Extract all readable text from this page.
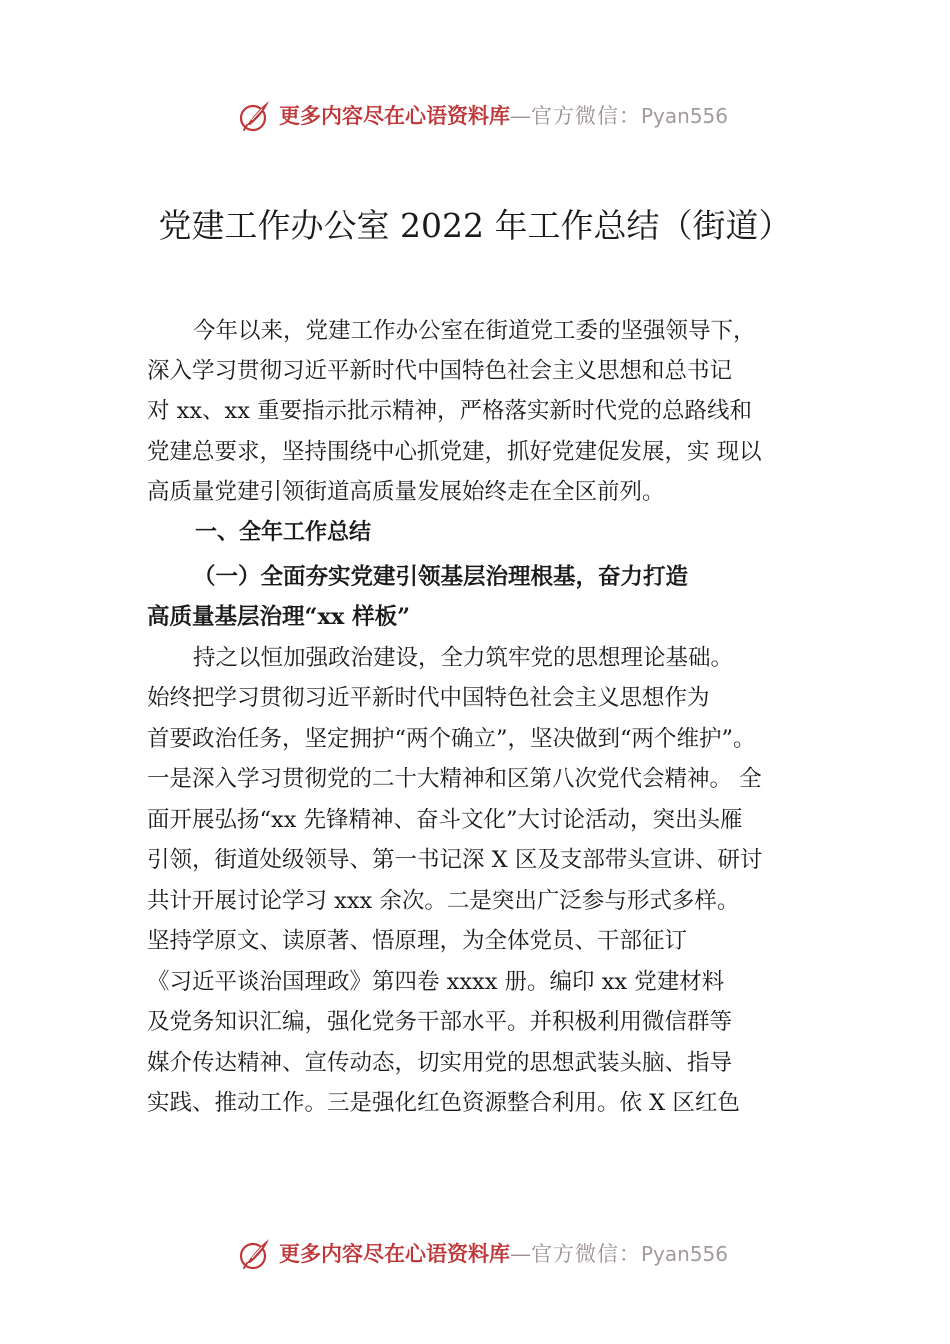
更多内容尽在心语资料库—官方微信：Pyan556
党建工作办公室 2022 年工作总结（街道）
今年以来，党建工作办公室在街道党工委的坚强领导下，
深入学习贯彻习近平新时代中国特色社会主义思想和总书记
对 xx、xx 重要指示批示精神，严格落实新时代党的总路线和
党建总要求，坚持围绕中心抓党建，抓好党建促发展，实 现以
高质量党建引领街道高质量发展始终走在全区前列。
一、全年工作总结
（一）全面夯实党建引领基层治理根基，奋力打造
高质量基层治理“xx 样板”
持之以恒加强政治建设，全力筑牢党的思想理论基础。
始终把学习贯彻习近平新时代中国特色社会主义思想作为
首要政治任务，坚定拥护“两个确立”，坚决做到“两个维护”。
一是深入学习贯彻党的二十大精神和区第八次党代会精神。 全
面开展弘扬“xx 先锋精神、奋斗文化”大讨论活动，突出头雁
引领，街道处级领导、第一书记深 X 区及支部带头宣讲、研讨
共计开展讨论学习 xxx 余次。二是突出广泛参与形式多样。
坚持学原文、读原著、悟原理，为全体党员、干部征订
《习近平谈治国理政》第四卷 xxxx 册。编印 xx 党建材料
及党务知识汇编，强化党务干部水平。并积极利用微信群等
媒介传达精神、宣传动态，切实用党的思想武装头脑、指导
实践、推动工作。三是强化红色资源整合利用。依 X 区红色
更多内容尽在心语资料库—官方微信：Pyan556
